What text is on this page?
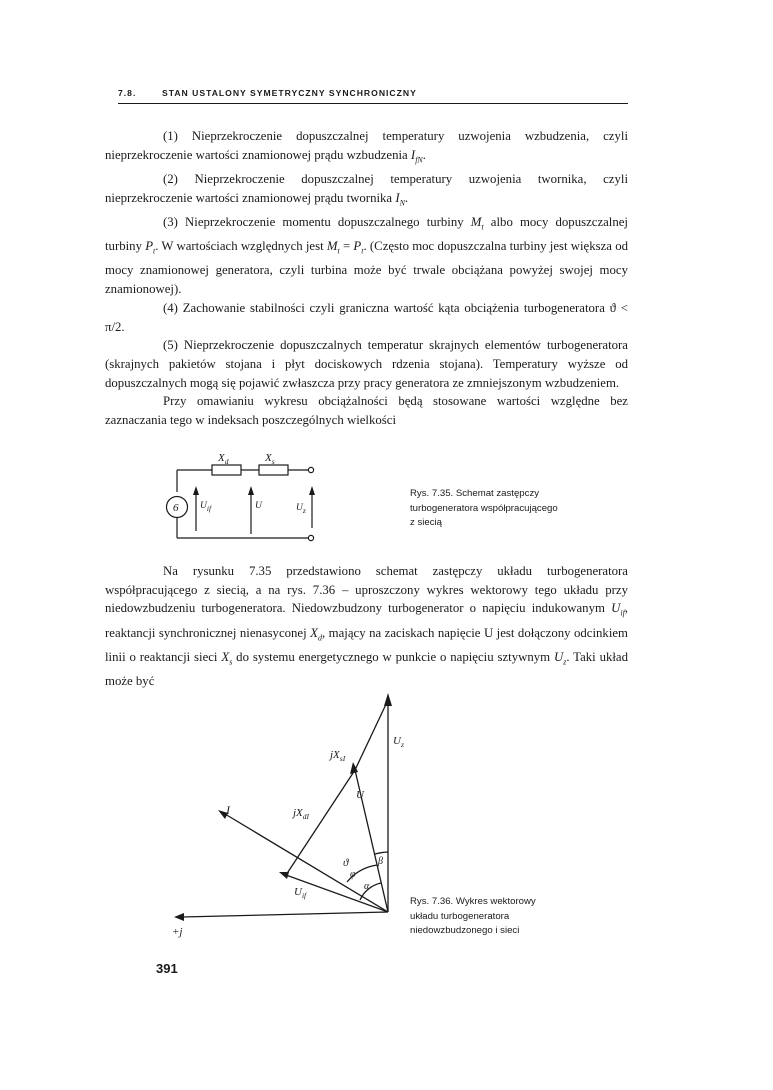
7.8.	STAN USTALONY SYMETRYCZNY SYNCHRONICZNY

(1) Nieprzekroczenie dopuszczalnej temperatury uzwojenia wzbudzenia, czyli nieprzekroczenie wartości znamionowej prądu wzbudzenia $I_{fN}$.

(2) Nieprzekroczenie dopuszczalnej temperatury uzwojenia twornika, czyli nieprzekroczenie wartości znamionowej prądu twornika $I_N$.

(3) Nieprzekroczenie momentu dopuszczalnego turbiny $M_t$ albo mocy dopuszczalnej turbiny $P_t$. W wartościach względnych jest $M_t = P_t$. (Często moc dopuszczalna turbiny jest większa od mocy znamionowej generatora, czyli turbina może być trwale obciążana powyżej swojej mocy znamionowej).

(4) Zachowanie stabilności czyli graniczna wartość kąta obciążenia turbogeneratora ϑ < π/2.

(5) Nieprzekroczenie dopuszczalnych temperatur skrajnych elementów turbogeneratora (skrajnych pakietów stojana i płyt dociskowych rdzenia stojana). Temperatury wyższe od dopuszczalnych mogą się pojawić zwłaszcza przy pracy generatora ze zmniejszonym wzbudzeniem.

Przy omawianiu wykresu obciążalności będą stosowane wartości względne bez zaznaczania tego w indeksach poszczególnych wielkości

$X_d$	$X_s$
6 $U_{if}$	U	$U_z$
Rys. 7.35. Schemat zastępczy
turbogeneratora współpracującego
z siecią

Na rysunku 7.35 przedstawiono schemat zastępczy układu turbogeneratora współpracującego z siecią, a na rys. 7.36 – uproszczony wykres wektorowy tego układu przy niedowzbudzeniu turbogeneratora. Niedowzbudzony turbogenerator o napięciu indukowanym $U_{if}$, reaktancji synchronicznej nienasyconej $X_d$, mający na zaciskach napięcie U jest dołączony odcinkiem linii o reaktancji sieci $X_s$ do systemu energetycznego w punkcie o napięciu sztywnym $U_z$. Taki układ może być

$U_z$
$jX_{sI}$
U
$jX_{dI}$
I
ϑ
φ
β
α
$U_{if}$
+j
Rys. 7.36. Wykres wektorowy
układu turbogeneratora
niedowzbudzonego i sieci
391
